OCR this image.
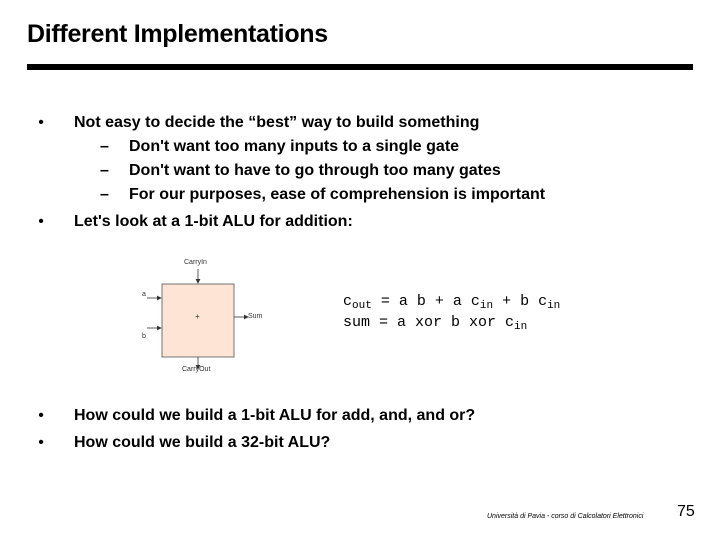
Different Implementations
• Not easy to decide the “best” way to build something
– Don't want too many inputs to a single gate
– Don't want to have to go through too many gates
– For our purposes, ease of comprehension is important
• Let's look at a 1-bit ALU for addition:
CarryIn
a
b
Sum
+
CarryOut
$c_{out} = a$ b + a $c_{in} + b$ $c_{in}$
sum = a xor b xor $c_{in}$
• How could we build a 1-bit ALU for add, and, and or?
• How could we build a 32-bit ALU?
Università di Pavia - corso di Calcolatori Elettronici 75
